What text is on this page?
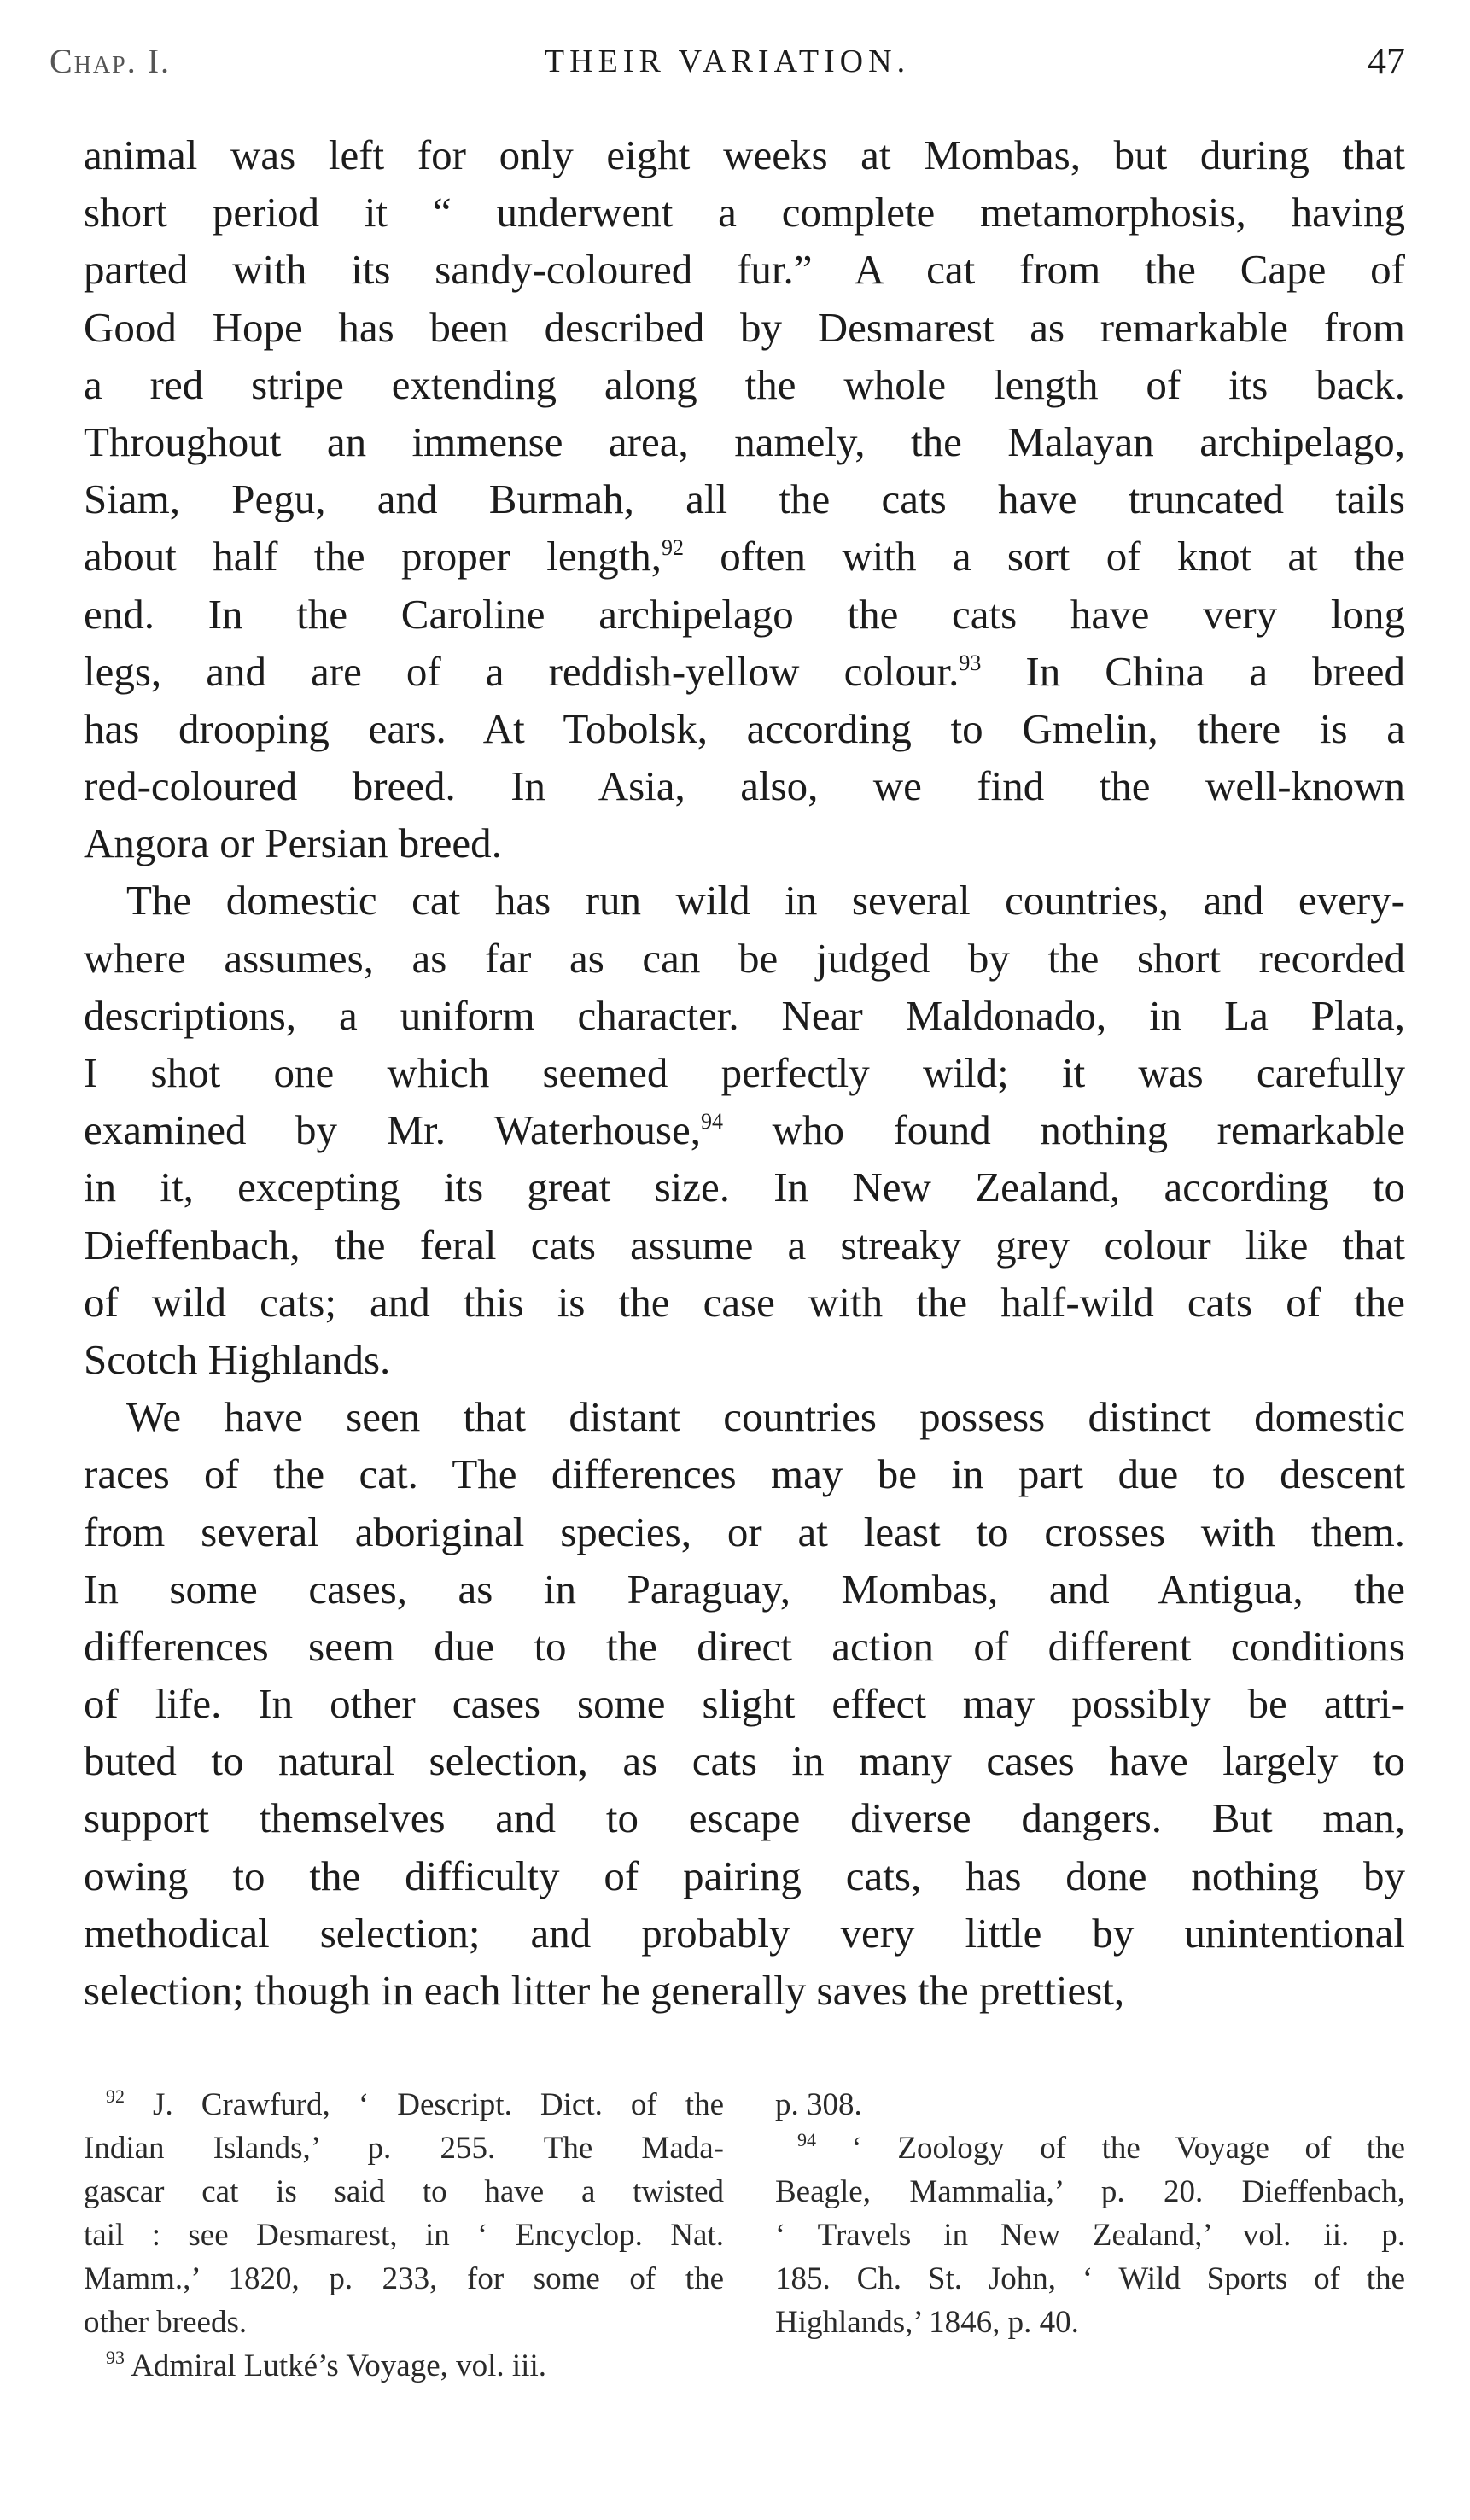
Chap. I.	THEIR VARIATION.	47
animal was left for only eight weeks at Mombas, but during that
short period it “ underwent a complete metamorphosis, having
parted with its sandy-coloured fur.” A cat from the Cape of
Good Hope has been described by Desmarest as remarkable from
a red stripe extending along the whole length of its back.
Throughout an immense area, namely, the Malayan archipelago,
Siam, Pegu, and Burmah, all the cats have truncated tails
about half the proper length,$^{92}$ often with a sort of knot at the
end. In the Caroline archipelago the cats have very long
legs, and are of a reddish-yellow colour.$^{93}$ In China a breed
has drooping ears. At Tobolsk, according to Gmelin, there is a
red-coloured breed. In Asia, also, we find the well-known
Angora or Persian breed.
The domestic cat has run wild in several countries, and every-
where assumes, as far as can be judged by the short recorded
descriptions, a uniform character. Near Maldonado, in La Plata,
I shot one which seemed perfectly wild; it was carefully
examined by Mr. Waterhouse,$^{94}$ who found nothing remarkable
in it, excepting its great size. In New Zealand, according to
Dieffenbach, the feral cats assume a streaky grey colour like that
of wild cats; and this is the case with the half-wild cats of the
Scotch Highlands.
We have seen that distant countries possess distinct domestic
races of the cat. The differences may be in part due to descent
from several aboriginal species, or at least to crosses with them.
In some cases, as in Paraguay, Mombas, and Antigua, the
differences seem due to the direct action of different conditions
of life. In other cases some slight effect may possibly be attri-
buted to natural selection, as cats in many cases have largely to
support themselves and to escape diverse dangers. But man,
owing to the difficulty of pairing cats, has done nothing by
methodical selection; and probably very little by unintentional
selection; though in each litter he generally saves the prettiest,
$^{92}$ J. Crawfurd, ‘ Descript. Dict. of the
Indian Islands,’ p. 255. The Mada-
gascar cat is said to have a twisted
tail : see Desmarest, in ‘ Encyclop. Nat.
Mamm.,’ 1820, p. 233, for some of the
other breeds.
$^{93}$ Admiral Lutké’s Voyage, vol. iii.
p. 308.
$^{94}$ ‘ Zoology of the Voyage of the
Beagle, Mammalia,’ p. 20. Dieffenbach,
‘ Travels in New Zealand,’ vol. ii. p.
185. Ch. St. John, ‘ Wild Sports of the
Highlands,’ 1846, p. 40.
